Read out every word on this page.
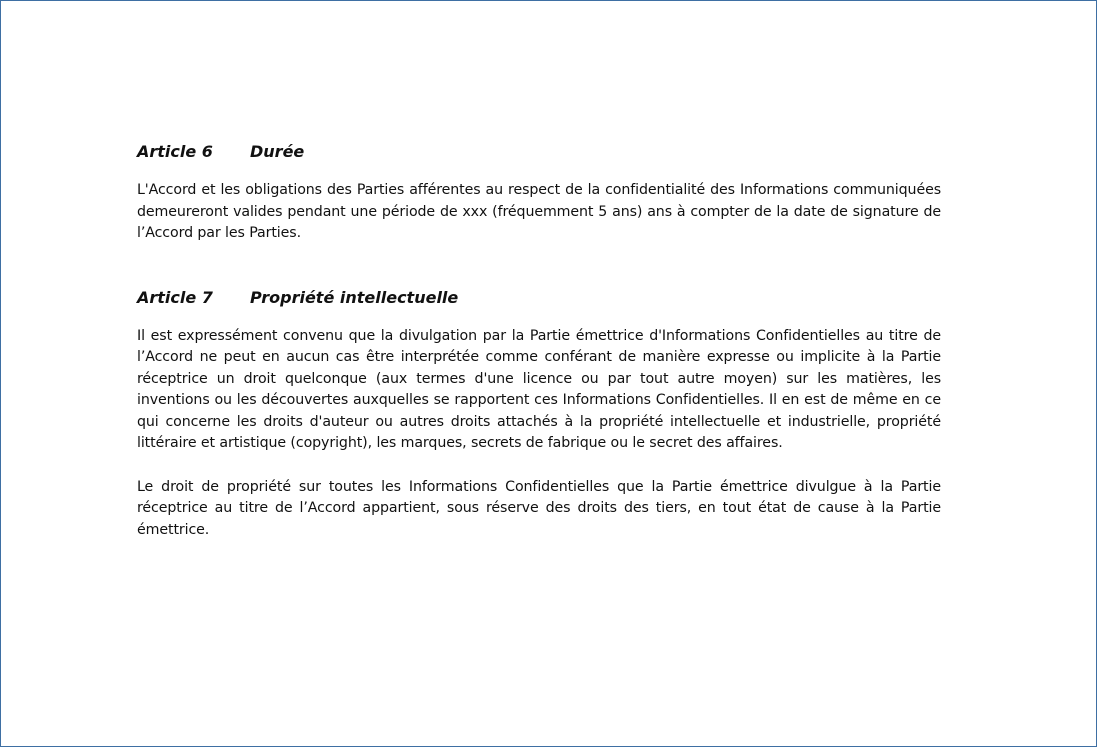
Article 6 Durée

L'Accord et les obligations des Parties afférentes au respect de la confidentialité des Informations communiquées demeureront valides pendant une période de xxx (fréquemment 5 ans) ans à compter de la date de signature de l’Accord par les Parties.

Article 7 Propriété intellectuelle

Il est expressément convenu que la divulgation par la Partie émettrice d'Informations Confidentielles au titre de l’Accord ne peut en aucun cas être interprétée comme conférant de manière expresse ou implicite à la Partie réceptrice un droit quelconque (aux termes d'une licence ou par tout autre moyen) sur les matières, les inventions ou les découvertes auxquelles se rapportent ces Informations Confidentielles. Il en est de même en ce qui concerne les droits d'auteur ou autres droits attachés à la propriété intellectuelle et industrielle, propriété littéraire et artistique (copyright), les marques, secrets de fabrique ou le secret des affaires.

Le droit de propriété sur toutes les Informations Confidentielles que la Partie émettrice divulgue à la Partie réceptrice au titre de l’Accord appartient, sous réserve des droits des tiers, en tout état de cause à la Partie émettrice.
